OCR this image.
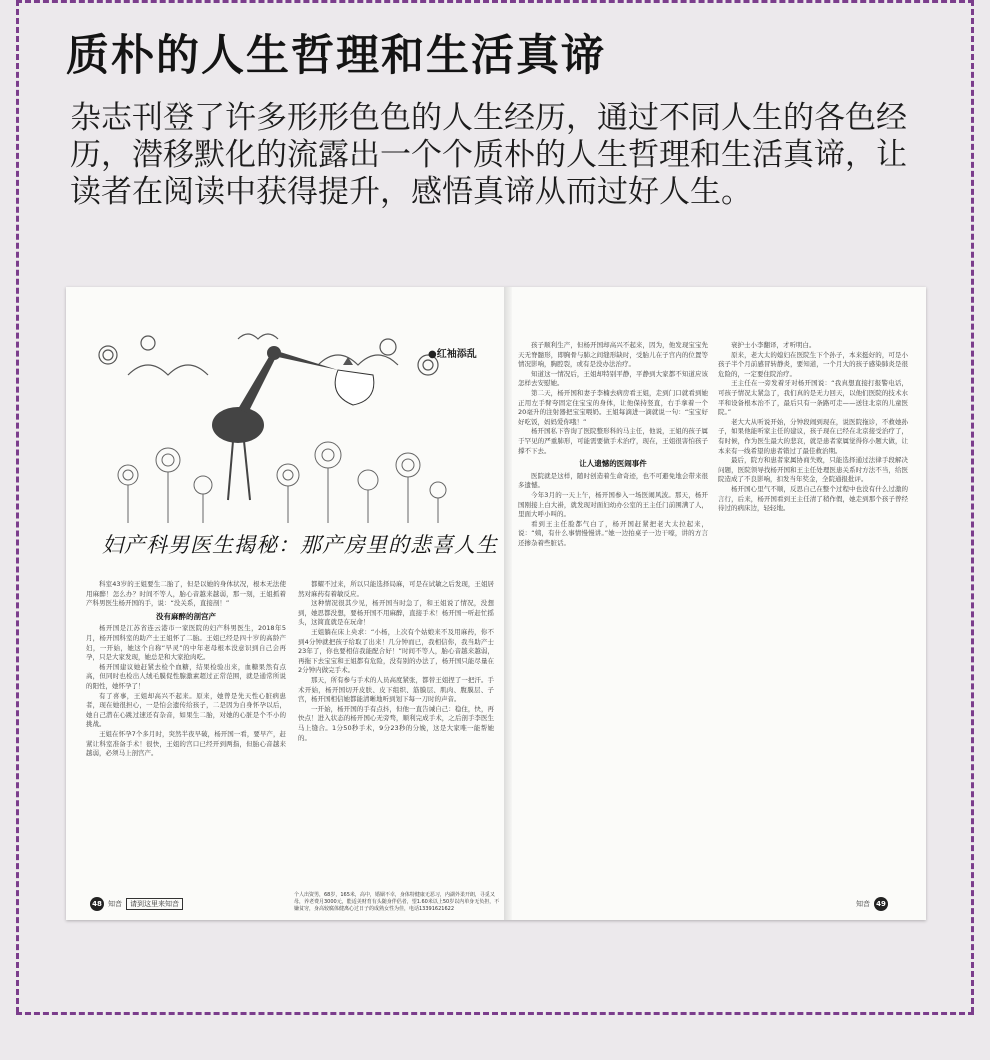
质朴的人生哲理和生活真谛

杂志刊登了许多形形色色的人生经历，通过不同人生的各色经历，潜移默化的流露出一个个质朴的人生哲理和生活真谛，让读者在阅读中获得提升，感悟真谛从而过好人生。

●红袖添乱
妇产科男医生揭秘：那产房里的悲喜人生

科室43岁的王姐要生二胎了，但是以她的身体状况，根本无法使用麻醉！怎么办？时间不等人，胎心音越来越弱，那一刻，王姐抓着产科男医生杨开国的手，说：“没关系，直接剖！”

没有麻醉的剖宫产

杨开国是江苏省连云港市一家医院的妇产科男医生，2018年5月，杨开国科室的助产士王姐怀了二胎。王姐已经是四十岁的高龄产妇，一开始，她这个自称“早灵”的中年老母根本没意识到自己会再孕，只是大家发现，她总是和大家抢肉吃。

杨开国建议她赶紧去检个血糖，结果检验出来，血糖果然有点高，但同时也检出人绒毛膜促性腺激素超过正常范围，就是通常所说的阳性，她怀孕了！

有了喜事，王姐却高兴不起来。原来，她曾是先天性心脏病患者，现在她很担心，一是怕会遗传给孩子，二是因为自身怀孕以后，她自己潜在心跳过速还有杂音，如果生二胎，对她的心脏是个不小的挑战。

王姐在怀孕7个多月时，突然半夜早破，杨开国一看，要早产，赶紧让科室准备手术！很快，王姐的宫口已经开到两指，但胎心音越来越弱，必须马上剖宫产。

都耀不过来，所以只能选择局麻，可是在试敏之后发现，王姐居然对麻药有着敏反应。

这种情况很其少见，杨开国当时急了，和王姐说了情况，没想到，她思都没想，要杨开国不用麻醉，直接手术！杨开国一听赶忙摇头，这简直就是在玩命！

王姐躺在床上央求：“小杨，上次有个姑娘来不及用麻药，你不到4分钟就把孩子给取了出来！几分钟而已，我相信你，我当助产士23年了，你也要相信我能配合好！”时间不等人，胎心音越来越弱，再拖下去宝宝和王姐都有危险，没有别的办法了，杨开国只能尽量在2分钟内做完手术。

那天，所有参与手术的人员高度紧张，都替王姐捏了一把汗。手术开始，杨开国切开皮肤、皮下组织、筋膜层、肌肉、腹膜层、子宫，杨开国相信她都能清晰地听到划下每一刀时的声音。

一开始，杨开国的手有点抖，但他一直告诫自己：稳住，快，再快点！进入状态的杨开国心无旁骛，顺利完成手术，之后剖手李医生马上缝合。1分50秒手术，9分23秒的分娩，这是大家唯一能帮她的。

孩子顺利生产，但杨开国却高兴不起来，因为，他发现宝宝先天无脊髓形，即胸骨与肺之间缝形缺时，受胎儿在子宫内的位置等情况影响，胸腔裂，或有是没办法治疗。

知道这一情况后，王姐却特别平静，平静到大家都不知道应该怎样去安慰她。

第二天，杨开国和妻子李楠去病房看王姐，走到门口就看到她正用左手臂夸固定住宝宝的身体，让他保持竖直，右手拿着一个20毫升的注射器把宝宝喂奶。王姐每滴进一滴就说一句：“宝宝好好吃饭，妈妈爱你哦！”

杨开国私下咨询了医院整形科的马主任，他说，王姐的孩子属于罕见的严重肺形，可能需要做手术治疗，现在，王姐很害怕孩子撑不下去。

让人遗憾的医闹事件

医院就是这样，随时创造着生命奇迹，也不可避免地会带来很多遗憾。

今年3月的一天上午，杨开国参入一场医闹风波。那天，杨开国刚接上白大褂，就发现对面妇幼办公室的王主任门前围满了人，里面大呼小叫的。

看到王主任脸都气白了，杨开国赶紧把老大太拉起来，说：“姨，有什么事情慢慢讲。”她一边拍桌子一边干嚎，讲的方言还掺杂着些脏话。

衰护士小李翻译，才听明白。

原来，老大太的媳妇在医院生下个孙子，本来挺好的，可是小孩子半个月前感冒转静炎，要知道，一个月大的孩子感染肺炎是很危险的，一定要住院治疗。

王主任在一旁发着牙对杨开国说：“我真想直接打报警电话，可孩子情况太紧急了，我们真的是无力回天，以他们医院的技术水平和设备根本治不了，最后只有一条路可走——送往北京的儿童医院。”

老大大从听说开始，分钟段闹到现在，说医院拖诊，不救她孙子，如果他能听家主任的建议，孩子现在已经在北京接受治疗了，有时候，作为医生最大的悲哀，就是患者家属觉得你小题大做，让本来有一线希望的患者错过了最佳救治期。

最后，院方和患者家属协商失败，只能选择通过法律手段解决问题，医院领导找杨开国和王主任处理医患关系时方法不当，给医院造成了不良影响，扣发当年奖金，全院通报批评。

杨开国心里气不顺，反思自己在整个过程中也没有什么过激的言行，后来，杨开国看到王主任清了稍作假，她走到那个孩子曾经待过的病床边，轻轻地。

48 知音	请到这里来知音
个人出资男，68岁，165米，高中，婚姻不幸，身体特健康无恶习，内湖外柔开朗，寻觅又母，养老费月3000元，能适美财育有头随身伴侣者，望1.60米以上50岁以内单身无负担，不嫌贫穷，身高较腐体健离心过日子的成熟女性为佳，电话13391621622
知音 49
